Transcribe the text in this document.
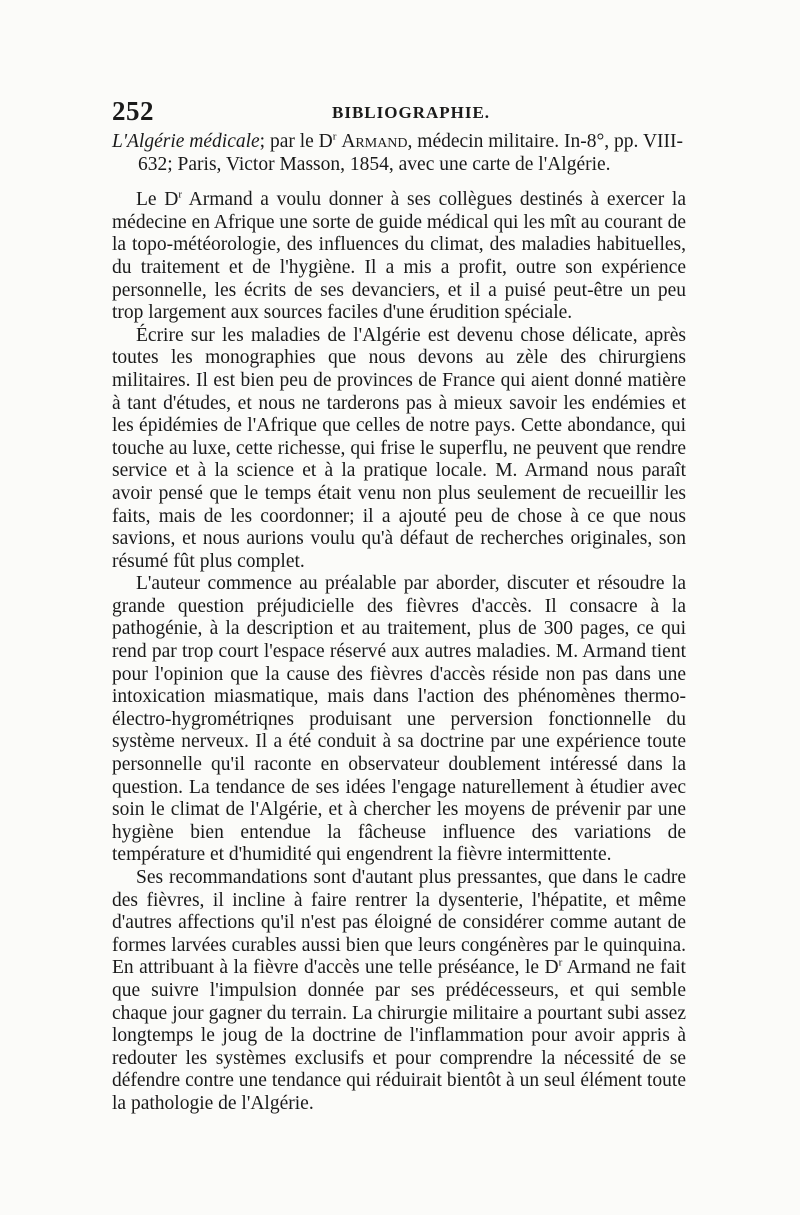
252	BIBLIOGRAPHIE.

L'Algérie médicale; par le $D^r$ Armand, médecin militaire. In-8°, pp. VIII-
632; Paris, Victor Masson, 1854, avec une carte de l'Algérie.

Le $D^r$ Armand a voulu donner à ses collègues destinés à exercer la médecine en Afrique une sorte de guide médical qui les mît au courant de la topo-météorologie, des influences du climat, des maladies habituelles, du traitement et de l'hygiène. Il a mis a profit, outre son expérience personnelle, les écrits de ses devanciers, et il a puisé peut-être un peu trop largement aux sources faciles d'une érudition spéciale.

Écrire sur les maladies de l'Algérie est devenu chose délicate, après toutes les monographies que nous devons au zèle des chirurgiens militaires. Il est bien peu de provinces de France qui aient donné matière à tant d'études, et nous ne tarderons pas à mieux savoir les endémies et les épidémies de l'Afrique que celles de notre pays. Cette abondance, qui touche au luxe, cette richesse, qui frise le superflu, ne peuvent que rendre service et à la science et à la pratique locale. M. Armand nous paraît avoir pensé que le temps était venu non plus seulement de recueillir les faits, mais de les coordonner; il a ajouté peu de chose à ce que nous savions, et nous aurions voulu qu'à défaut de recherches originales, son résumé fût plus complet.

L'auteur commence au préalable par aborder, discuter et résoudre la grande question préjudicielle des fièvres d'accès. Il consacre à la pathogénie, à la description et au traitement, plus de 300 pages, ce qui rend par trop court l'espace réservé aux autres maladies. M. Armand tient pour l'opinion que la cause des fièvres d'accès réside non pas dans une intoxication miasmatique, mais dans l'action des phénomènes thermo-électro-hygrométriqnes produisant une perversion fonctionnelle du système nerveux. Il a été conduit à sa doctrine par une expérience toute personnelle qu'il raconte en observateur doublement intéressé dans la question. La tendance de ses idées l'engage naturellement à étudier avec soin le climat de l'Algérie, et à chercher les moyens de prévenir par une hygiène bien entendue la fâcheuse influence des variations de température et d'humidité qui engendrent la fièvre intermittente.

Ses recommandations sont d'autant plus pressantes, que dans le cadre des fièvres, il incline à faire rentrer la dysenterie, l'hépatite, et même d'autres affections qu'il n'est pas éloigné de considérer comme autant de formes larvées curables aussi bien que leurs congénères par le quinquina. En attribuant à la fièvre d'accès une telle préséance, le $D^r$ Armand ne fait que suivre l'impulsion donnée par ses prédécesseurs, et qui semble chaque jour gagner du terrain. La chirurgie militaire a pourtant subi assez longtemps le joug de la doctrine de l'inflammation pour avoir appris à redouter les systèmes exclusifs et pour comprendre la nécessité de se défendre contre une tendance qui réduirait bientôt à un seul élément toute la pathologie de l'Algérie.
